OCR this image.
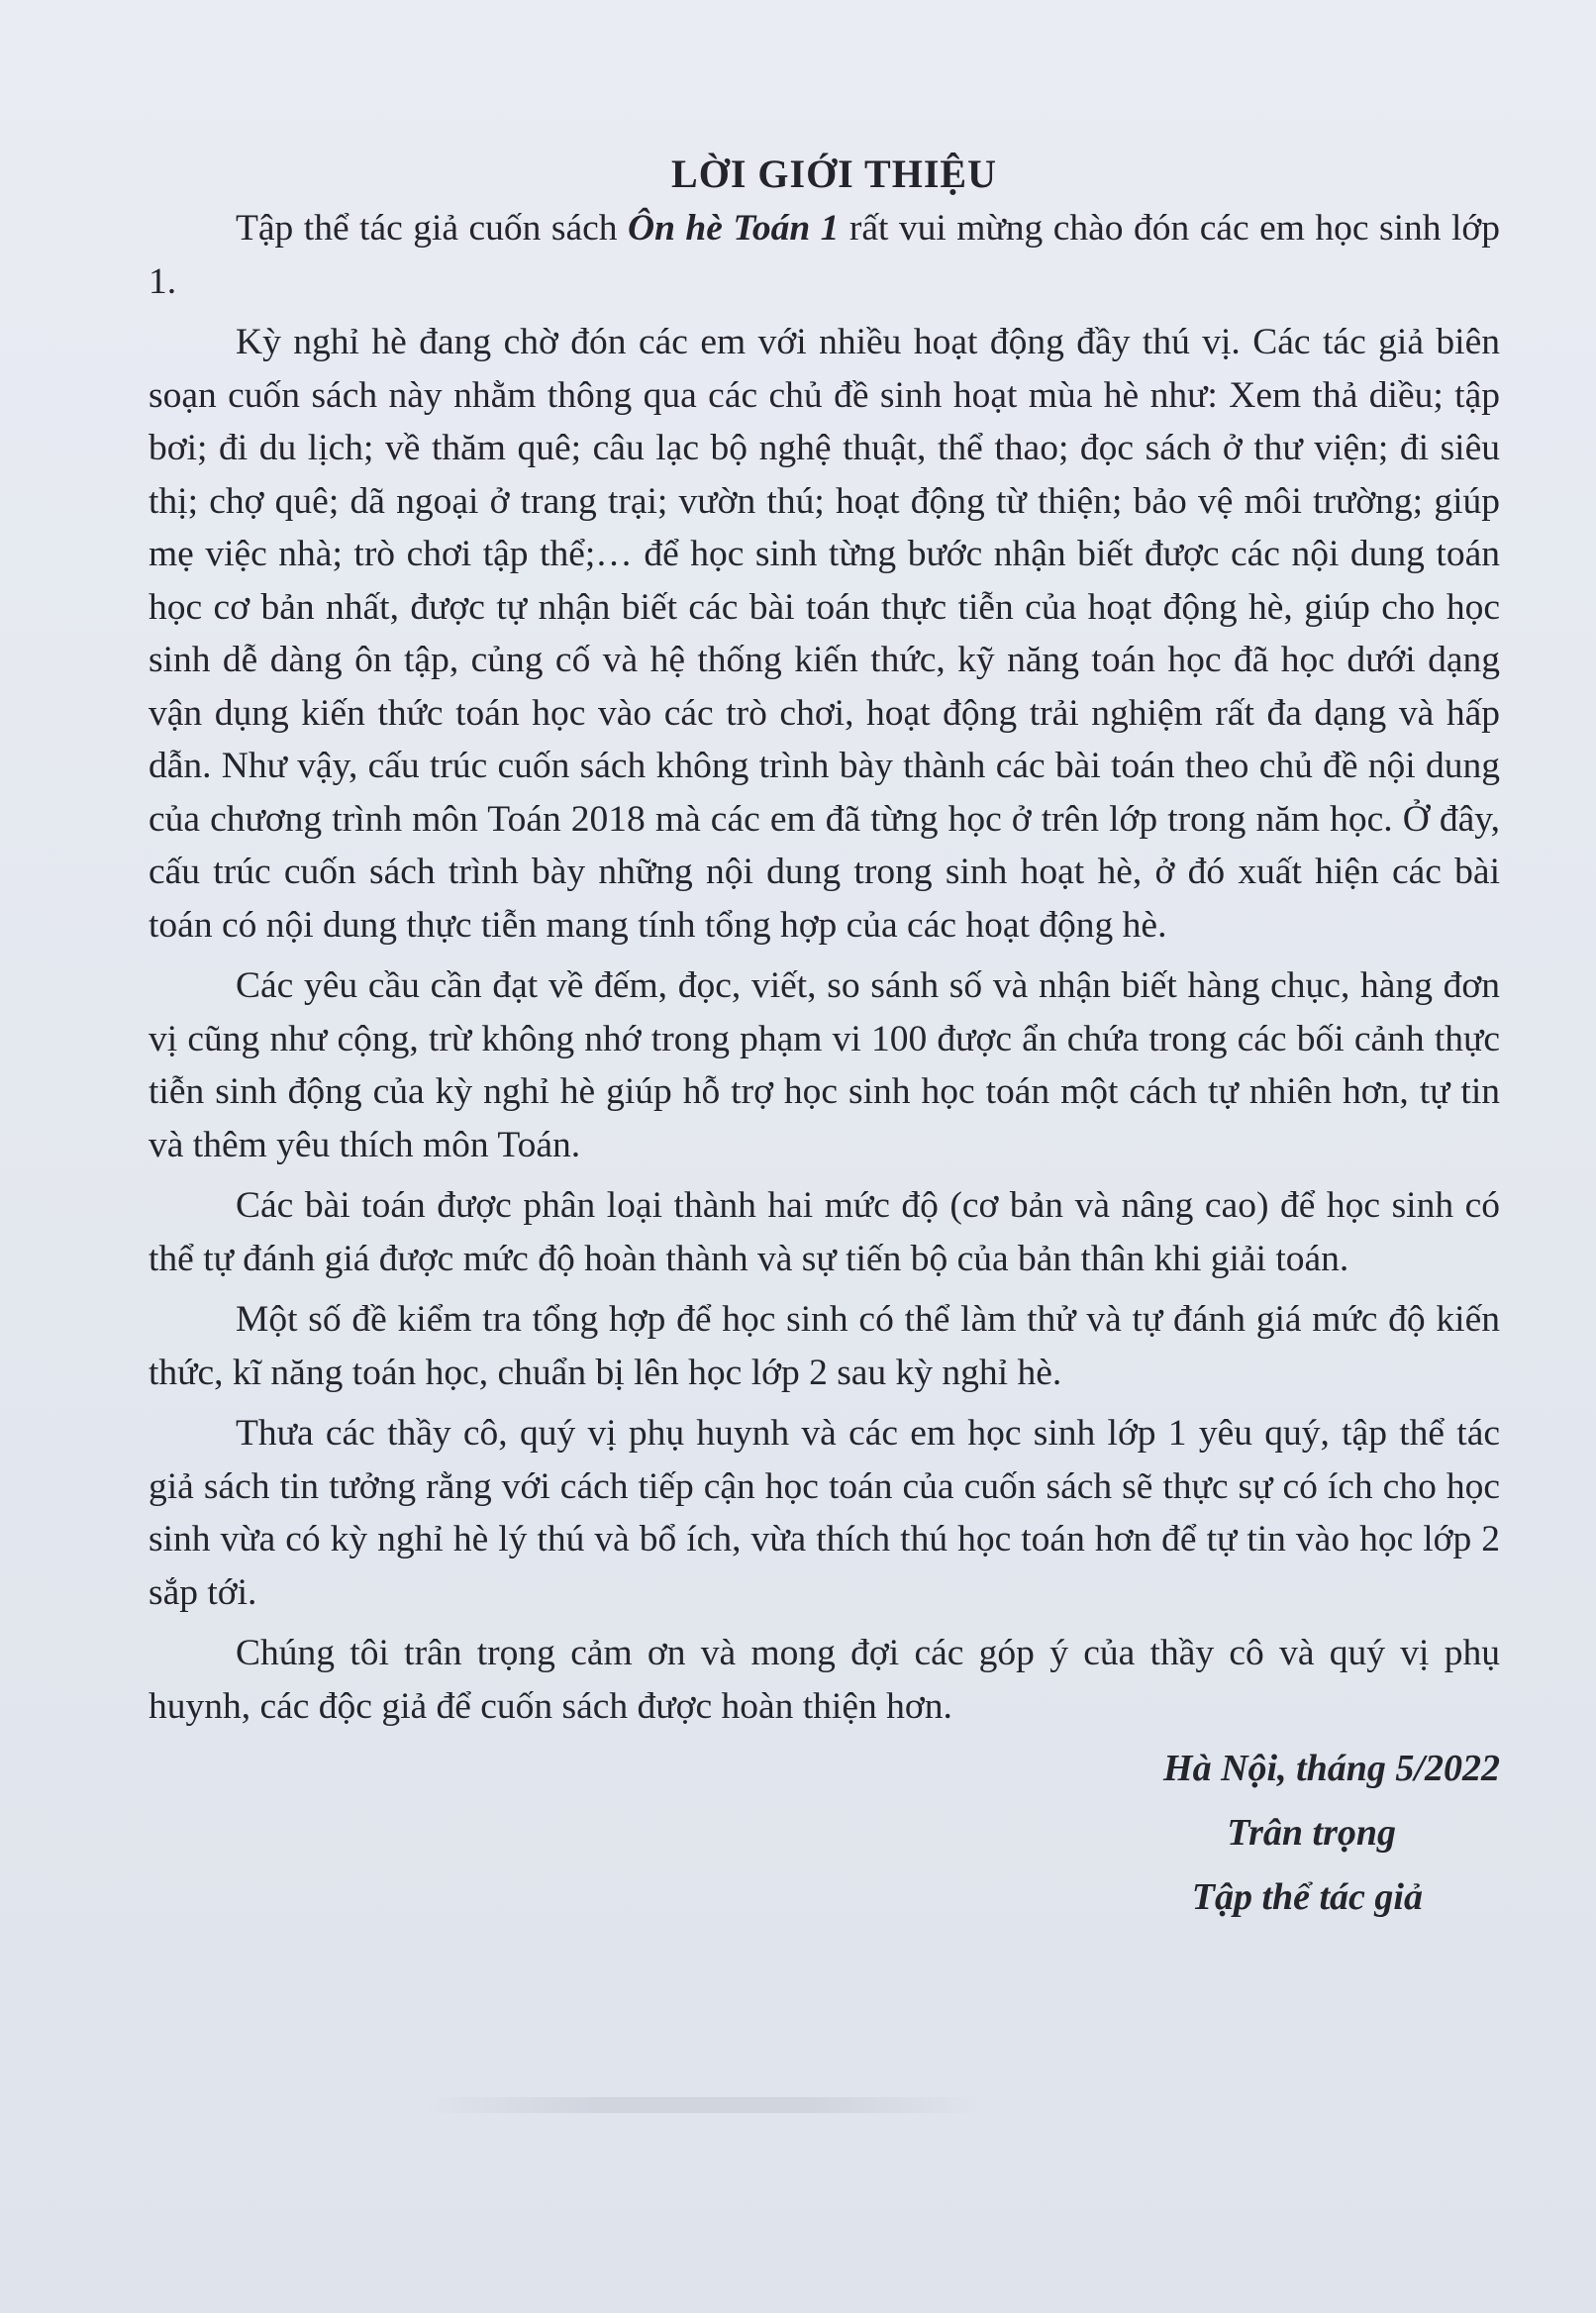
LỜI GIỚI THIỆU

Tập thể tác giả cuốn sách Ôn hè Toán 1 rất vui mừng chào đón các em học sinh lớp 1.

Kỳ nghỉ hè đang chờ đón các em với nhiều hoạt động đầy thú vị. Các tác giả biên soạn cuốn sách này nhằm thông qua các chủ đề sinh hoạt mùa hè như: Xem thả diều; tập bơi; đi du lịch; về thăm quê; câu lạc bộ nghệ thuật, thể thao; đọc sách ở thư viện; đi siêu thị; chợ quê; dã ngoại ở trang trại; vườn thú; hoạt động từ thiện; bảo vệ môi trường; giúp mẹ việc nhà; trò chơi tập thể;… để học sinh từng bước nhận biết được các nội dung toán học cơ bản nhất, được tự nhận biết các bài toán thực tiễn của hoạt động hè, giúp cho học sinh dễ dàng ôn tập, củng cố và hệ thống kiến thức, kỹ năng toán học đã học dưới dạng vận dụng kiến thức toán học vào các trò chơi, hoạt động trải nghiệm rất đa dạng và hấp dẫn. Như vậy, cấu trúc cuốn sách không trình bày thành các bài toán theo chủ đề nội dung của chương trình môn Toán 2018 mà các em đã từng học ở trên lớp trong năm học. Ở đây, cấu trúc cuốn sách trình bày những nội dung trong sinh hoạt hè, ở đó xuất hiện các bài toán có nội dung thực tiễn mang tính tổng hợp của các hoạt động hè.

Các yêu cầu cần đạt về đếm, đọc, viết, so sánh số và nhận biết hàng chục, hàng đơn vị cũng như cộng, trừ không nhớ trong phạm vi 100 được ẩn chứa trong các bối cảnh thực tiễn sinh động của kỳ nghỉ hè giúp hỗ trợ học sinh học toán một cách tự nhiên hơn, tự tin và thêm yêu thích môn Toán.

Các bài toán được phân loại thành hai mức độ (cơ bản và nâng cao) để học sinh có thể tự đánh giá được mức độ hoàn thành và sự tiến bộ của bản thân khi giải toán.

Một số đề kiểm tra tổng hợp để học sinh có thể làm thử và tự đánh giá mức độ kiến thức, kĩ năng toán học, chuẩn bị lên học lớp 2 sau kỳ nghỉ hè.

Thưa các thầy cô, quý vị phụ huynh và các em học sinh lớp 1 yêu quý, tập thể tác giả sách tin tưởng rằng với cách tiếp cận học toán của cuốn sách sẽ thực sự có ích cho học sinh vừa có kỳ nghỉ hè lý thú và bổ ích, vừa thích thú học toán hơn để tự tin vào học lớp 2 sắp tới.

Chúng tôi trân trọng cảm ơn và mong đợi các góp ý của thầy cô và quý vị phụ huynh, các độc giả để cuốn sách được hoàn thiện hơn.

Hà Nội, tháng 5/2022
Trân trọng
Tập thể tác giả
